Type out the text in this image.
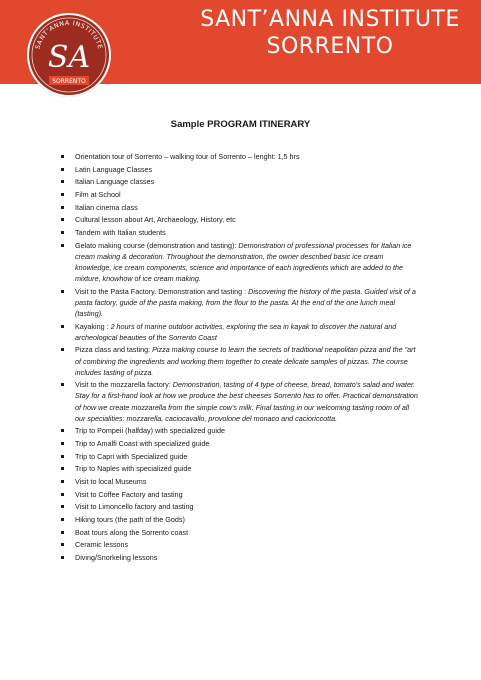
SANT’ANNA INSTITUTE
SA
SORRENTO
SANT’ANNA INSTITUTE
SORRENTO
Sample PROGRAM ITINERARY
Orientation tour of Sorrento – walking tour of Sorrento – lenght: 1,5 hrs
Latin Language Classes
Italian Language classes
Film at School
Italian cinema class
Cultural lesson about Art, Archaeology, History, etc
Tandem with Italian students
Gelato making course (demonstration and tasting): Demonstration of professional processes for Italian ice cream making & decoration. Throughout the demonstration, the owner described basic ice cream knowledge, ice cream components, science and importance of each ingredients which are added to the mixture, knowhow of ice cream making.
Visit to the Pasta Factory. Demonstration and tasting : Discovering the history of the pasta. Guided visit of a pasta factory, guide of the pasta making, from the flour to the pasta. At the end of the one lunch meal (tasting).
Kayaking : 2 hours of marine outdoor activities, exploring the sea in kayak to discover the natural and archeological beauties of the Sorrento Coast
Pizza class and tasting: Pizza making course to learn the secrets of traditional neapolitan pizza and the "art of combining the ingredients and working them together to create delicate samples of pizzas. The course includes tasting of pizza.
Visit to the mozzarella factory: Demonstration, tasting of 4 type of cheese, bread, tomato's salad and water. Stay for a first-hand look at how we produce the best cheeses Sorrento has to offer. Practical demonstration of how we create mozzarella from the simple cow's milk. Final tasting in our welcoming tasting room of all our specialities: mozzarella, caciocavallo, provolone del monaco and cacioriccotta.
Trip to Pompeii (halfday) with specialized guide
Trip to Amalfi Coast with specialized guide
Trip to Capri with Specialized guide
Trip to Naples with specialized guide
Visit to local Museums
Visit to Coffee Factory and tasting
Visit to Limoncello factory and tasting
Hiking tours (the path of the Gods)
Boat tours along the Sorrento coast
Ceramic lessons
Diving/Snorkeling lessons
